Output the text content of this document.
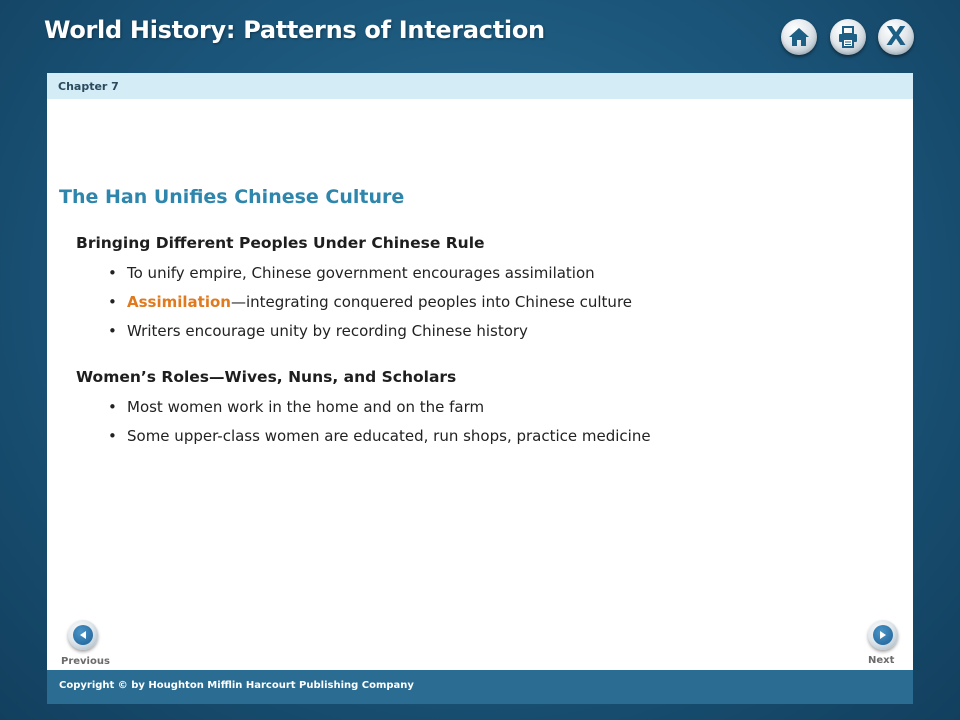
World History: Patterns of Interaction	X
Chapter 7
The Han Unifies Chinese Culture
Bringing Different Peoples Under Chinese Rule
• To unify empire, Chinese government encourages assimilation
• Assimilation—integrating conquered peoples into Chinese culture
• Writers encourage unity by recording Chinese history
Women’s Roles—Wives, Nuns, and Scholars
• Most women work in the home and on the farm
• Some upper-class women are educated, run shops, practice medicine
Previous	Next
Copyright © by Houghton Mifflin Harcourt Publishing Company
